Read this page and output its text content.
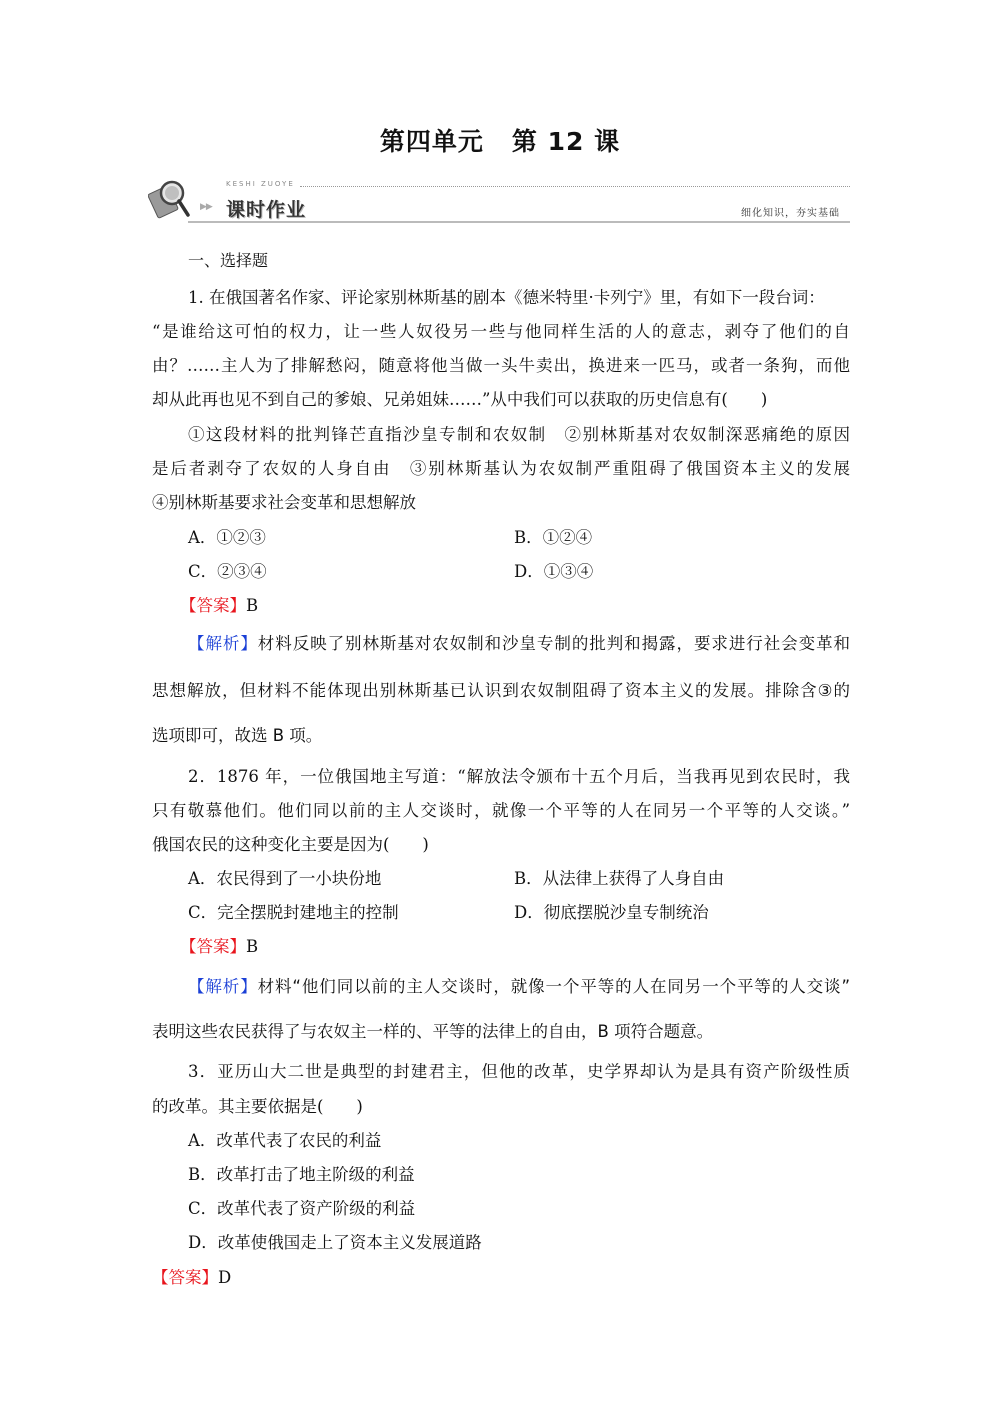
第四单元 第 12 课
KESHI ZUOYE
▶▶ 课时作业	细化知识，夯实基础
一、选择题
1. 在俄国著名作家、评论家别林斯基的剧本《德米特里·卡列宁》里，有如下一段台词：
“是谁给这可怕的权力，让一些人奴役另一些与他同样生活的人的意志，剥夺了他们的自
由？……主人为了排解愁闷，随意将他当做一头牛卖出，换进来一匹马，或者一条狗，而他
却从此再也见不到自己的爹娘、兄弟姐妹……”从中我们可以获取的历史信息有(　　)
①这段材料的批判锋芒直指沙皇专制和农奴制　②别林斯基对农奴制深恶痛绝的原因
是后者剥夺了农奴的人身自由　③别林斯基认为农奴制严重阻碍了俄国资本主义的发展
④别林斯基要求社会变革和思想解放
A．①②③	B．①②④
C．②③④	D．①③④
【答案】B
【解析】材料反映了别林斯基对农奴制和沙皇专制的批判和揭露，要求进行社会变革和
思想解放，但材料不能体现出别林斯基已认识到农奴制阻碍了资本主义的发展。排除含③的
选项即可，故选 B 项。
2．1876 年，一位俄国地主写道：“解放法令颁布十五个月后，当我再见到农民时，我
只有敬慕他们。他们同以前的主人交谈时，就像一个平等的人在同另一个平等的人交谈。”
俄国农民的这种变化主要是因为(　　)
A．农民得到了一小块份地	B．从法律上获得了人身自由
C．完全摆脱封建地主的控制	D．彻底摆脱沙皇专制统治
【答案】B
【解析】材料“他们同以前的主人交谈时，就像一个平等的人在同另一个平等的人交谈”
表明这些农民获得了与农奴主一样的、平等的法律上的自由，B 项符合题意。
3．亚历山大二世是典型的封建君主，但他的改革，史学界却认为是具有资产阶级性质
的改革。其主要依据是(　　)
A．改革代表了农民的利益
B．改革打击了地主阶级的利益
C．改革代表了资产阶级的利益
D．改革使俄国走上了资本主义发展道路
【答案】D
